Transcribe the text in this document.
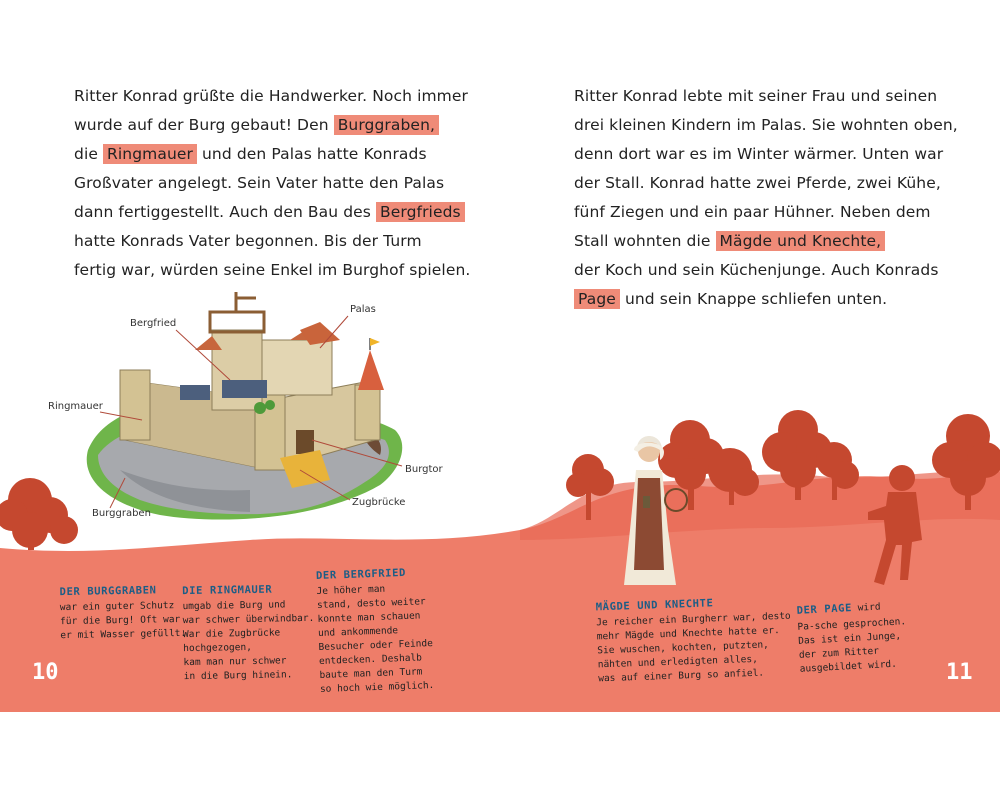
Ritter Konrad grüßte die Handwerker. Noch immer

wurde auf der Burg gebaut! Den Burggraben,

die Ringmauer und den Palas hatte Konrads

Großvater angelegt. Sein Vater hatte den Palas

dann fertiggestellt. Auch den Bau des Bergfrieds

hatte Konrads Vater begonnen. Bis der Turm

fertig war, würden seine Enkel im Burghof spielen.

Bergfried
Palas
Ringmauer
Burgtor
Zugbrücke
Burggraben
DER BURGGRABEN
war ein guter Schutz
für die Burg! Oft war
er mit Wasser gefüllt.
DIE RINGMAUER
umgab die Burg und
war schwer überwindbar.
War die Zugbrücke
hochgezogen,
kam man nur schwer
in die Burg hinein.
DER BERGFRIED
Je höher man
stand, desto weiter
konnte man schauen
und ankommende
Besucher oder Feinde
entdecken. Deshalb
baute man den Turm
so hoch wie möglich.
10

Ritter Konrad lebte mit seiner Frau und seinen

drei kleinen Kindern im Palas. Sie wohnten oben,

denn dort war es im Winter wärmer. Unten war

der Stall. Konrad hatte zwei Pferde, zwei Kühe,

fünf Ziegen und ein paar Hühner. Neben dem

Stall wohnten die Mägde und Knechte,

der Koch und sein Küchenjunge. Auch Konrads

Page und sein Knappe schliefen unten.

MÄGDE UND KNECHTE
Je reicher ein Burgherr war, desto
mehr Mägde und Knechte hatte er.
Sie wuschen, kochten, putzten,
nähten und erledigten alles,
was auf einer Burg so anfiel.
DER PAGE wird
Pa-sche gesprochen.
Das ist ein Junge,
der zum Ritter
ausgebildet wird.	11
